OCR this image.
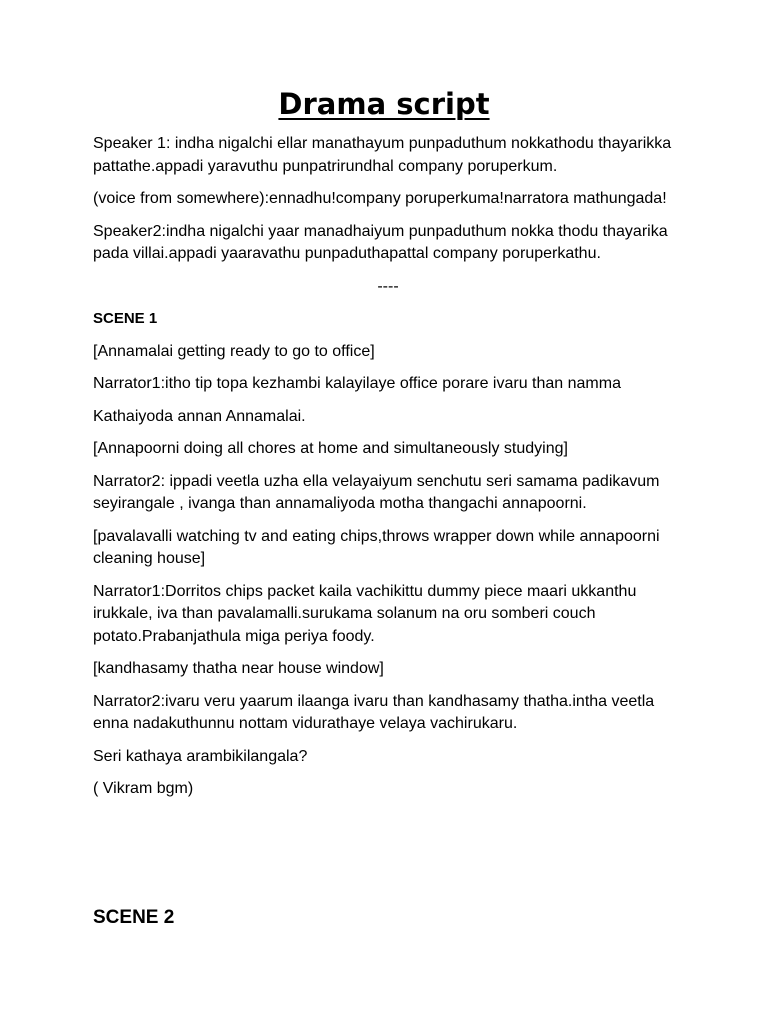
Drama script

Speaker 1: indha nigalchi ellar manathayum punpaduthum nokkathodu thayarikka pattathe.appadi yaravuthu punpatrirundhal company poruperkum.

(voice from somewhere):ennadhu!company poruperkuma!narratora mathungada!

Speaker2:indha nigalchi yaar manadhaiyum punpaduthum nokka thodu thayarika pada villai.appadi yaaravathu punpaduthapattal company poruperkathu.

----
SCENE 1

[Annamalai getting ready to go to office]

Narrator1:itho tip topa kezhambi kalayilaye office porare ivaru than namma

Kathaiyoda annan Annamalai.

[Annapoorni doing all chores at home and simultaneously studying]

Narrator2: ippadi veetla uzha ella velayaiyum senchutu seri samama padikavum seyirangale , ivanga than annamaliyoda motha thangachi annapoorni.

[pavalavalli watching tv and eating chips,throws wrapper down while annapoorni cleaning house]

Narrator1:Dorritos chips packet kaila vachikittu dummy piece maari ukkanthu irukkale, iva than pavalamalli.surukama solanum na oru somberi couch potato.Prabanjathula miga periya foody.

[kandhasamy thatha near house window]

Narrator2:ivaru veru yaarum ilaanga ivaru than kandhasamy thatha.intha veetla enna nadakuthunnu nottam vidurathaye velaya vachirukaru.

Seri kathaya arambikilangala?

( Vikram bgm)

SCENE 2
